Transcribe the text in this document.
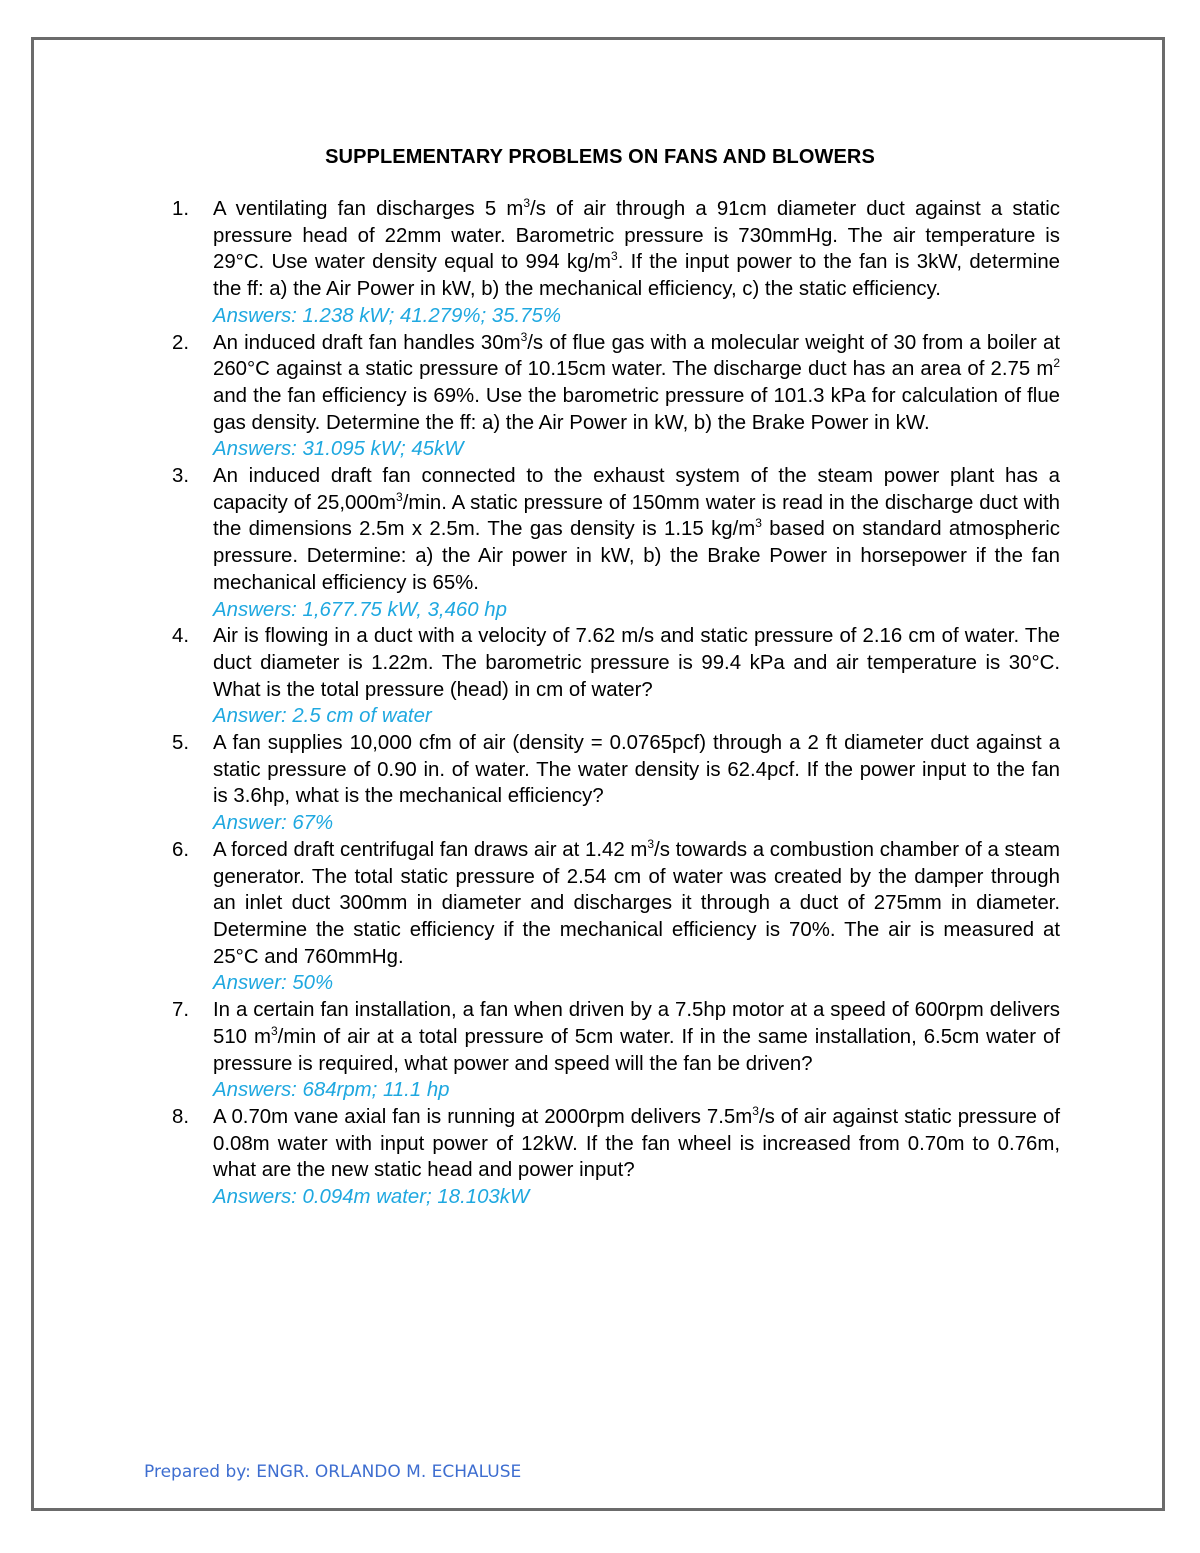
SUPPLEMENTARY PROBLEMS ON FANS AND BLOWERS
1. A ventilating fan discharges 5 $m^3/s$ of air through a 91cm diameter duct against a static pressure head of 22mm water. Barometric pressure is 730mmHg. The air temperature is 29°C. Use water density equal to 994 $kg/m^3$. If the input power to the fan is 3kW, determine the ff: a) the Air Power in kW, b) the mechanical efficiency, c) the static efficiency.
Answers: 1.238 kW; 41.279%; 35.75%
2. An induced draft fan handles $30m^3/s$ of flue gas with a molecular weight of 30 from a boiler at 260°C against a static pressure of 10.15cm water. The discharge duct has an area of 2.75 $m^2$ and the fan efficiency is 69%. Use the barometric pressure of 101.3 kPa for calculation of flue gas density. Determine the ff: a) the Air Power in kW, b) the Brake Power in kW.
Answers: 31.095 kW; 45kW
3. An induced draft fan connected to the exhaust system of the steam power plant has a capacity of $25,000m^3/\min$. A static pressure of 150mm water is read in the discharge duct with the dimensions 2.5m x 2.5m. The gas density is 1.15 $kg/m^3$ based on standard atmospheric pressure. Determine: a) the Air power in kW, b) the Brake Power in horsepower if the fan mechanical efficiency is 65%.
Answers: 1,677.75 kW, 3,460 hp
4. Air is flowing in a duct with a velocity of 7.62 m/s and static pressure of 2.16 cm of water. The duct diameter is 1.22m. The barometric pressure is 99.4 kPa and air temperature is 30°C. What is the total pressure (head) in cm of water?
Answer: 2.5 cm of water
5. A fan supplies 10,000 cfm of air (density = 0.0765pcf) through a 2 ft diameter duct against a static pressure of 0.90 in. of water. The water density is 62.4pcf. If the power input to the fan is 3.6hp, what is the mechanical efficiency?
Answer: 67%
6. A forced draft centrifugal fan draws air at 1.42 $m^3/s$ towards a combustion chamber of a steam generator. The total static pressure of 2.54 cm of water was created by the damper through an inlet duct 300mm in diameter and discharges it through a duct of 275mm in diameter. Determine the static efficiency if the mechanical efficiency is 70%. The air is measured at 25°C and 760mmHg.
Answer: 50%
7. In a certain fan installation, a fan when driven by a 7.5hp motor at a speed of 600rpm delivers 510 $m^3/\min$ of air at a total pressure of 5cm water. If in the same installation, 6.5cm water of pressure is required, what power and speed will the fan be driven?
Answers: 684rpm; 11.1 hp
8. A 0.70m vane axial fan is running at 2000rpm delivers $7.5m^3/s$ of air against static pressure of 0.08m water with input power of 12kW. If the fan wheel is increased from 0.70m to 0.76m, what are the new static head and power input?
Answers: 0.094m water; 18.103kW
Prepared by: ENGR. ORLANDO M. ECHALUSE
